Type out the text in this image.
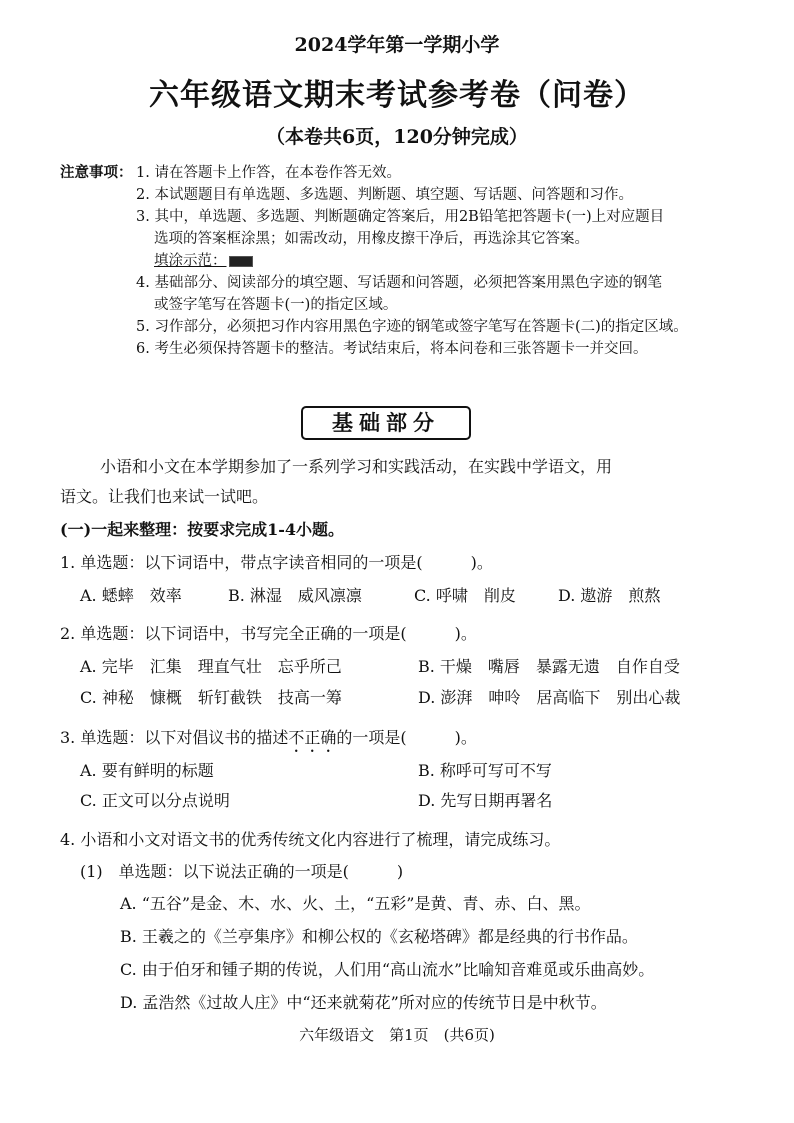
2024学年第一学期小学
六年级语文期末考试参考卷（问卷）
（本卷共6页，120分钟完成）
注意事项： 1. 请在答题卡上作答，在本卷作答无效。
2. 本试题题目有单选题、多选题、判断题、填空题、写话题、问答题和习作。
3. 其中，单选题、多选题、判断题确定答案后，用2B铅笔把答题卡(一)上对应题目
选项的答案框涂黑；如需改动，用橡皮擦干净后，再选涂其它答案。
填涂示范：
4. 基础部分、阅读部分的填空题、写话题和问答题，必须把答案用黑色字迹的钢笔
或签字笔写在答题卡(一)的指定区域。
5. 习作部分，必须把习作内容用黑色字迹的钢笔或签字笔写在答题卡(二)的指定区域。
6. 考生必须保持答题卡的整洁。考试结束后，将本问卷和三张答题卡一并交回。
基础部分
小语和小文在本学期参加了一系列学习和实践活动，在实践中学语文，用
语文。让我们也来试一试吧。
(一)一起来整理：按要求完成1-4小题。
1. 单选题：以下词语中，带点字读音相同的一项是(　　　)。
A. 蟋蟀　效率	B. 淋湿　威风凛凛	C. 呼啸　削皮	D. 遨游　煎熬
2. 单选题：以下词语中，书写完全正确的一项是(　　　)。
A. 完毕　汇集　理直气壮　忘乎所己	B. 干燥　嘴唇　暴露无遗　自作自受
C. 神秘　慷概　斩钉截铁　技高一筹	D. 澎湃　呻呤　居高临下　别出心裁
3. 单选题：以下对倡议书的描述不正确的一项是(　　　)。
A. 要有鲜明的标题	B. 称呼可写可不写
C. 正文可以分点说明	D. 先写日期再署名
4. 小语和小文对语文书的优秀传统文化内容进行了梳理，请完成练习。
(1)　单选题：以下说法正确的一项是(　　　)
A. “五谷”是金、木、水、火、土，“五彩”是黄、青、赤、白、黑。
B. 王羲之的《兰亭集序》和柳公权的《玄秘塔碑》都是经典的行书作品。
C. 由于伯牙和锺子期的传说，人们用“高山流水”比喻知音难觅或乐曲高妙。
D. 孟浩然《过故人庄》中“还来就菊花”所对应的传统节日是中秋节。
六年级语文　第1页　(共6页)
